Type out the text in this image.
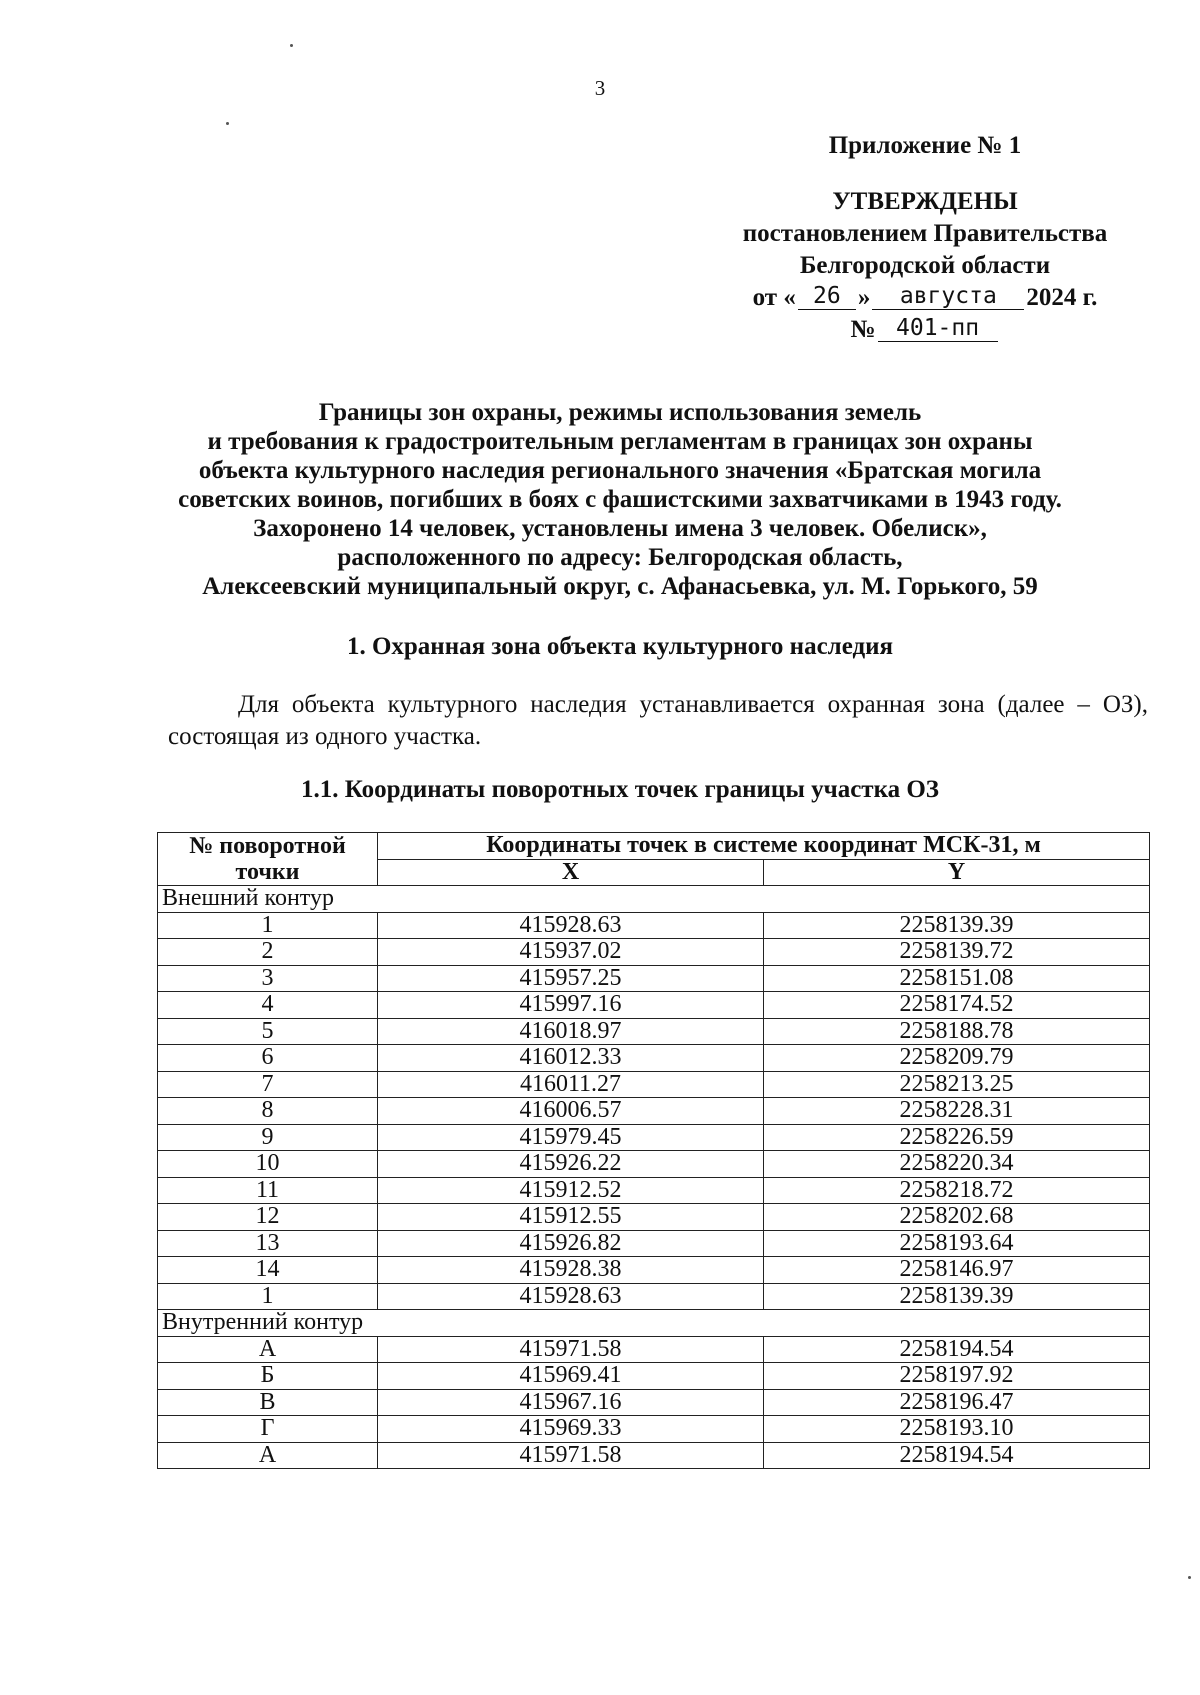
3
Приложение № 1
УТВЕРЖДЕНЫ
постановлением Правительства
Белгородской области
от « 26 »	августа	2024 г.
№ 401-пп
Границы зон охраны, режимы использования земель
и требования к градостроительным регламентам в границах зон охраны
объекта культурного наследия регионального значения «Братская могила
советских воинов, погибших в боях с фашистскими захватчиками в 1943 году.
Захоронено 14 человек, установлены имена 3 человек. Обелиск»,
расположенного по адресу: Белгородская область,
Алексеевский муниципальный округ, с. Афанасьевка, ул. М. Горького, 59
1. Охранная зона объекта культурного наследия
Для объекта культурного наследия устанавливается охранная зона (далее – ОЗ), состоящая из одного участка.
1.1. Координаты поворотных точек границы участка ОЗ
№ поворотной точки	Координаты точек в системе координат МСК-31, м	
	X	Y
Внешний контур		
1	415928.63	2258139.39
2	415937.02	2258139.72
3	415957.25	2258151.08
4	415997.16	2258174.52
5	416018.97	2258188.78
6	416012.33	2258209.79
7	416011.27	2258213.25
8	416006.57	2258228.31
9	415979.45	2258226.59
10	415926.22	2258220.34
11	415912.52	2258218.72
12	415912.55	2258202.68
13	415926.82	2258193.64
14	415928.38	2258146.97
1	415928.63	2258139.39
Внутренний контур		
А	415971.58	2258194.54
Б	415969.41	2258197.92
В	415967.16	2258196.47
Г	415969.33	2258193.10
А	415971.58	2258194.54
